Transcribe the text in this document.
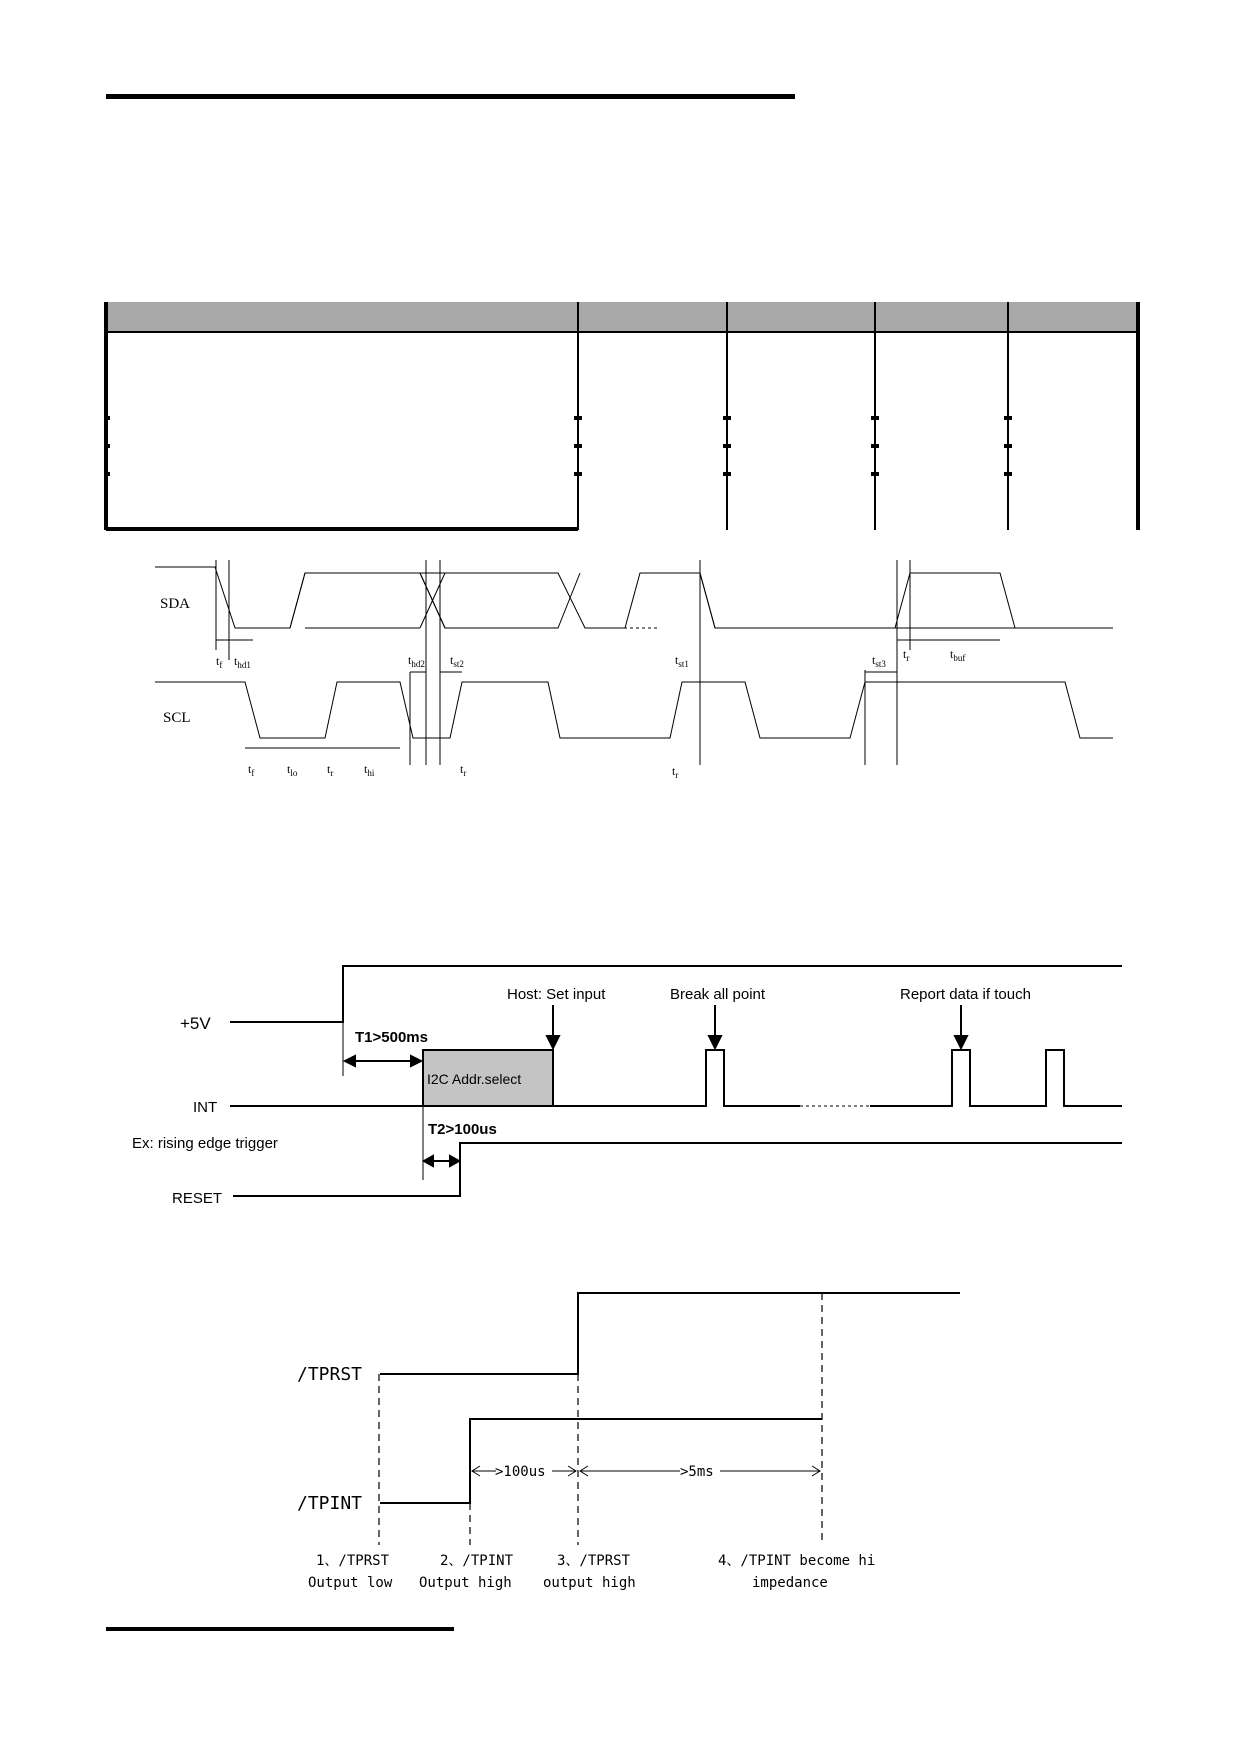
SDA
SCL
$t_f$ $t_{hd1}$	$t_{hd2}$ $t_{st2}$	$t_{st1}$	$t_{st3}$
$t_r$	$t_{buf}$
$t_f$	$t_{lo}$ $t_r$	$t_{hi}$	$t_r$	$t_r$
+5V
INT
RESET
T1>500ms
T2>100us
I2C Addr.select
Host: Set input	Break all point	Report data if touch
Ex: rising edge trigger
/TPRST
/TPINT
>100us	>5ms
1、/TPRST
Output low
2、/TPINT
Output high
3、/TPRST
output high
4、/TPINT become hi
impedance
